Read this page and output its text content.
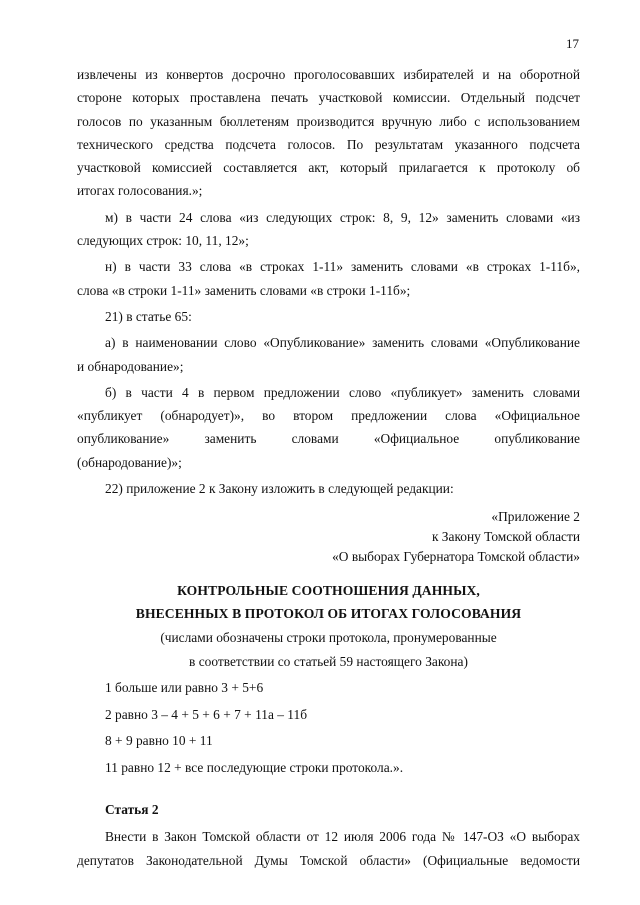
17

извлечены из конвертов досрочно проголосовавших избирателей и на оборотной

стороне которых проставлена печать участковой комиссии. Отдельный подсчет

голосов по указанным бюллетеням производится вручную либо с использованием

технического средства подсчета голосов. По результатам указанного подсчета

участковой комиссией составляется акт, который прилагается к протоколу об

итогах голосования.»;

м) в части 24 слова «из следующих строк: 8, 9, 12» заменить словами «из

следующих строк: 10, 11, 12»;

н) в части 33 слова «в строках 1-11» заменить словами «в строках 1-11б»,

слова «в строки 1-11» заменить словами «в строки 1-11б»;

21) в статье 65:

а) в наименовании слово «Опубликование» заменить словами «Опубликование

и обнародование»;

б) в части 4 в первом предложении слово «публикует» заменить словами

«публикует (обнародует)», во втором предложении слова «Официальное

опубликование» заменить словами «Официальное опубликование

(обнародование)»;

22) приложение 2 к Закону изложить в следующей редакции:

«Приложение 2

к Закону Томской области

«О выборах Губернатора Томской области»

КОНТРОЛЬНЫЕ СООТНОШЕНИЯ ДАННЫХ,

ВНЕСЕННЫХ В ПРОТОКОЛ ОБ ИТОГАХ ГОЛОСОВАНИЯ

(числами обозначены строки протокола, пронумерованные

в соответствии со статьей 59 настоящего Закона)

1 больше или равно 3 + 5+6

2 равно 3 – 4 + 5 + 6 + 7 + 11а – 11б

8 + 9 равно 10 + 11

11 равно 12 + все последующие строки протокола.».

Статья 2

Внести в Закон Томской области от 12 июля 2006 года № 147-ОЗ «О выборах

депутатов Законодательной Думы Томской области» (Официальные ведомости
